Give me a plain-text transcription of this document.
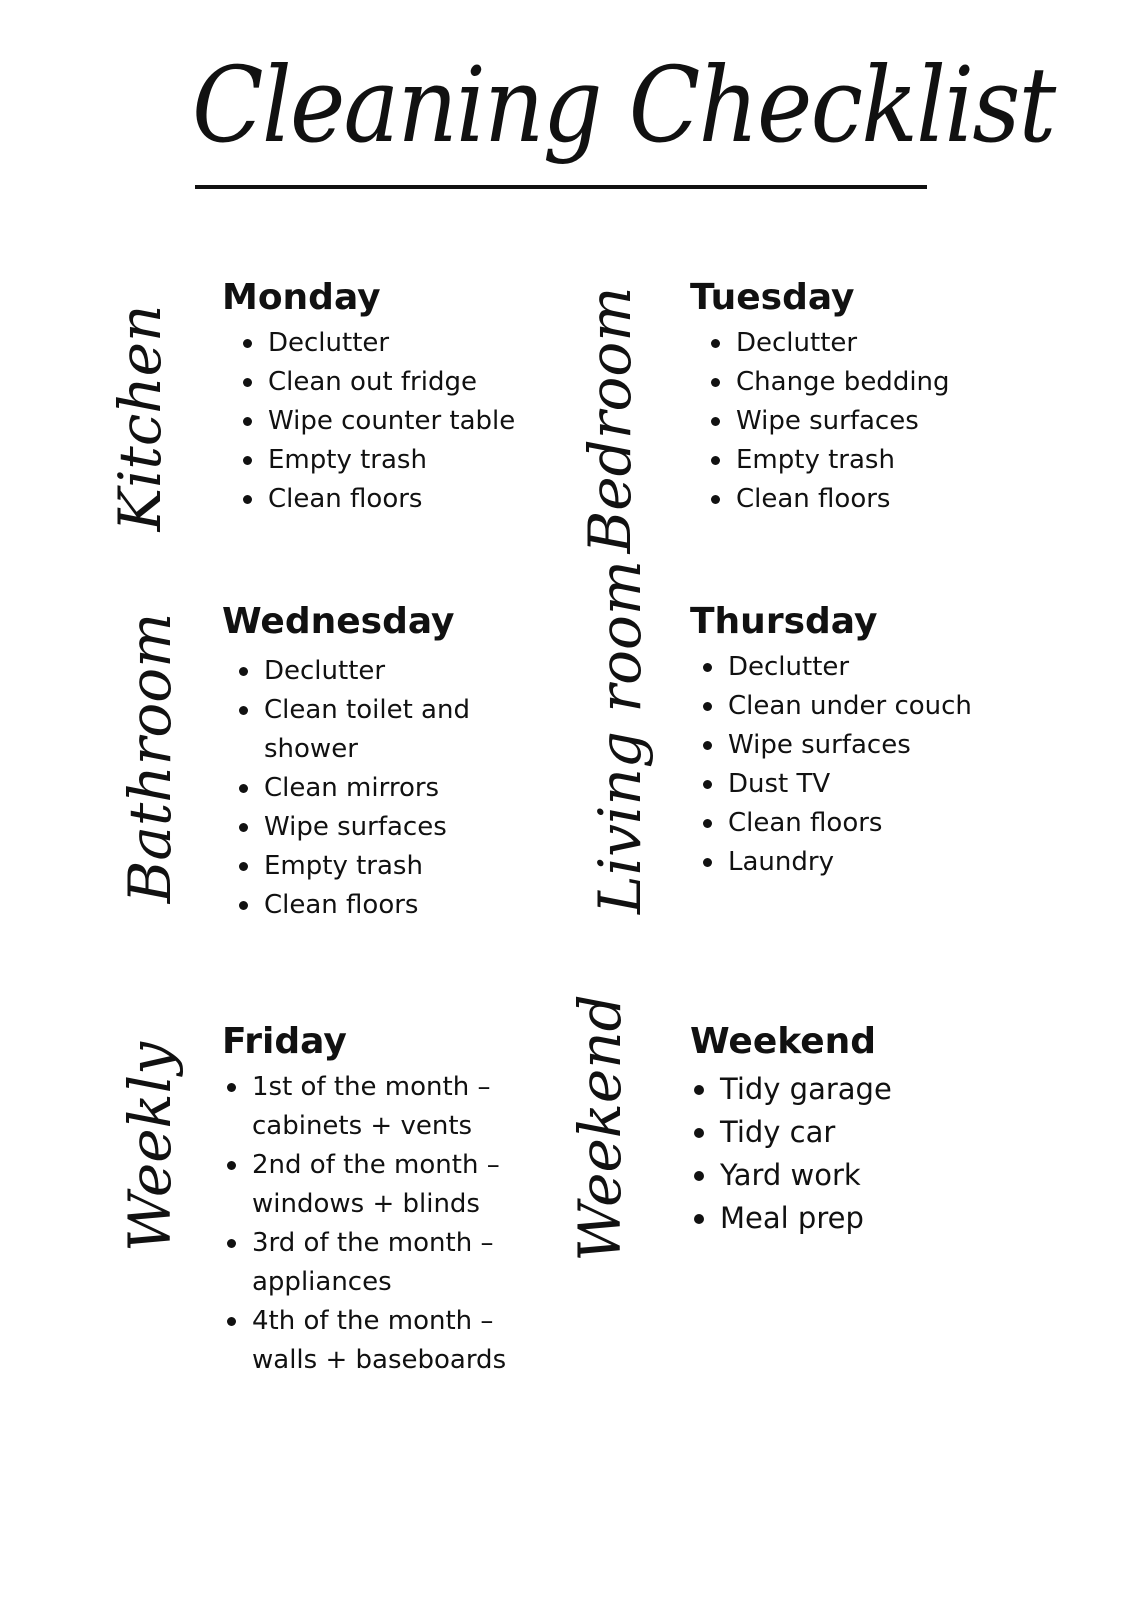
Cleaning Checklist
Kitchen	Bedroom
Bathroom	Living room
Weekly	Weekend
Monday
Declutter
Clean out fridge
Wipe counter table
Empty trash
Clean floors
Tuesday
Declutter
Change bedding
Wipe surfaces
Empty trash
Clean floors
Wednesday
Declutter
Clean toilet and
shower
Clean mirrors
Wipe surfaces
Empty trash
Clean floors
Thursday
Declutter
Clean under couch
Wipe surfaces
Dust TV
Clean floors
Laundry
Friday
1st of the month –
cabinets + vents
2nd of the month –
windows + blinds
3rd of the month –
appliances
4th of the month –
walls + baseboards
Weekend
Tidy garage
Tidy car
Yard work
Meal prep
